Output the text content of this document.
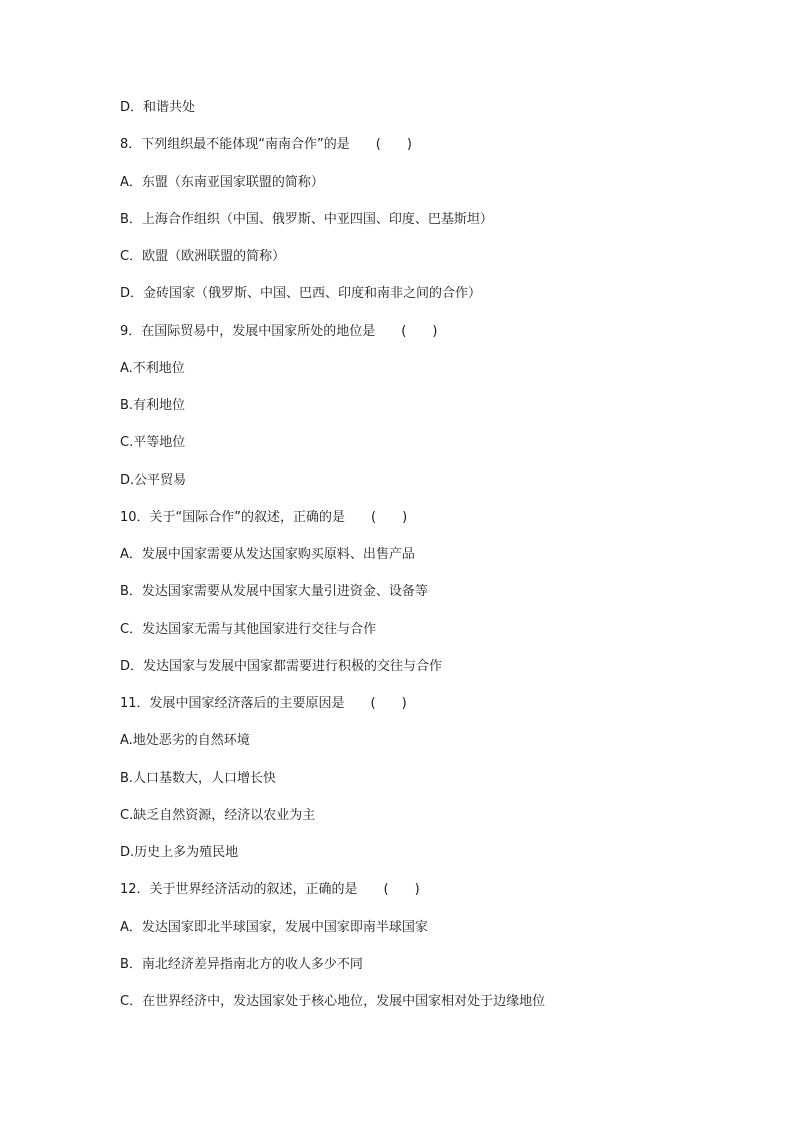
D．和谐共处
8．下列组织最不能体现“南南合作”的是 (　　)
A．东盟（东南亚国家联盟的简称）
B．上海合作组织（中国、俄罗斯、中亚四国、印度、巴基斯坦）
C．欧盟（欧洲联盟的简称）
D．金砖国家（俄罗斯、中国、巴西、印度和南非之间的合作）
9．在国际贸易中，发展中国家所处的地位是 (　　)
A.不利地位
B.有利地位
C.平等地位
D.公平贸易
10．关于“国际合作”的叙述，正确的是 (　　)
A．发展中国家需要从发达国家购买原料、出售产品
B．发达国家需要从发展中国家大量引进资金、设备等
C．发达国家无需与其他国家进行交往与合作
D．发达国家与发展中国家都需要进行积极的交往与合作
11．发展中国家经济落后的主要原因是 (　　)
A.地处恶劣的自然环境
B.人口基数大，人口增长快
C.缺乏自然资源，经济以农业为主
D.历史上多为殖民地
12．关于世界经济活动的叙述，正确的是 (　　)
A．发达国家即北半球国家，发展中国家即南半球国家
B．南北经济差异指南北方的收人多少不同
C．在世界经济中，发达国家处于核心地位，发展中国家相对处于边缘地位
